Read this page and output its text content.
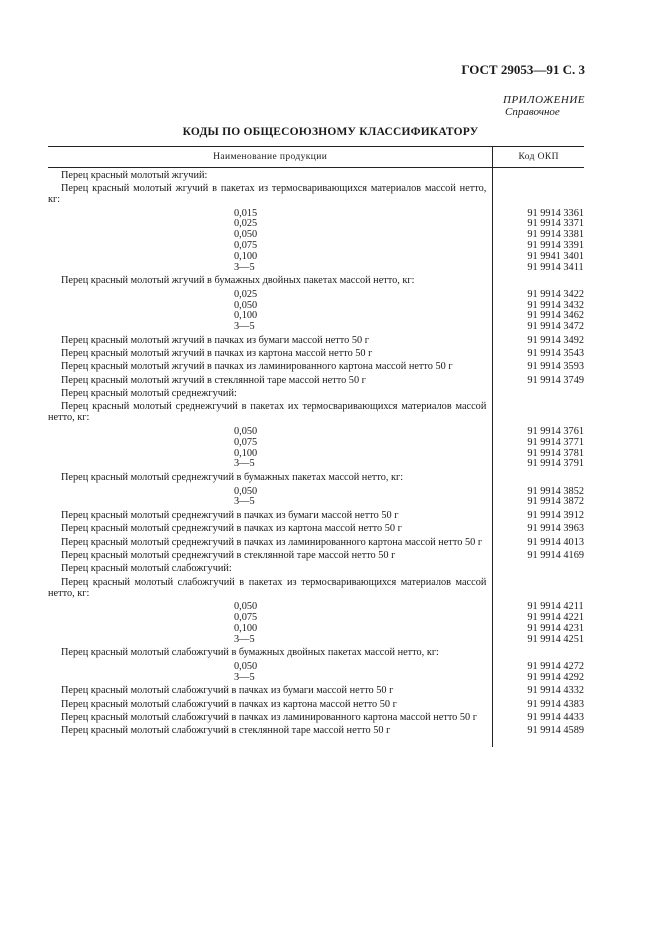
ГОСТ 29053—91 С. 3
ПРИЛОЖЕНИЕ
Справочное
КОДЫ ПО ОБЩЕСОЮЗНОМУ КЛАССИФИКАТОРУ
Наименование продукции	Код ОКП
Перец красный молотый жгучий:	
Перец красный молотый жгучий в пакетах из термосваривающихся материалов массой нетто, кг:	
0,015	91 9914 3361
0,025	91 9914 3371
0,050	91 9914 3381
0,075	91 9914 3391
0,100	91 9941 3401
3—5	91 9914 3411
Перец красный молотый жгучий в бумажных двойных пакетах массой нетто, кг:	
0,025	91 9914 3422
0,050	91 9914 3432
0,100	91 9914 3462
3—5	91 9914 3472
Перец красный молотый жгучий в пачках из бумаги массой нетто 50 г	91 9914 3492
Перец красный молотый жгучий в пачках из картона массой нетто 50 г	91 9914 3543
Перец красный молотый жгучий в пачках из ламинированного картона массой нетто 50 г	91 9914 3593
Перец красный молотый жгучий в стеклянной таре массой нетто 50 г	91 9914 3749
Перец красный молотый среднежгучий:	
Перец красный молотый среднежгучий в пакетах их термосваривающихся материалов массой нетто, кг:	
0,050	91 9914 3761
0,075	91 9914 3771
0,100	91 9914 3781
3—5	91 9914 3791
Перец красный молотый среднежгучий в бумажных пакетах массой нетто, кг:	
0,050	91 9914 3852
3—5	91 9914 3872
Перец красный молотый среднежгучий в пачках из бумаги массой нетто 50 г	91 9914 3912
Перец красный молотый среднежгучий в пачках из картона массой нетто 50 г	91 9914 3963
Перец красный молотый среднежгучий в пачках из ламинированного картона массой нетто 50 г	91 9914 4013
Перец красный молотый среднежгучий в стеклянной таре массой нетто 50 г	91 9914 4169
Перец красный молотый слабожгучий:	
Перец красный молотый слабожгучий в пакетах из термосваривающихся материалов массой нетто, кг:	
0,050	91 9914 4211
0,075	91 9914 4221
0,100	91 9914 4231
3—5	91 9914 4251
Перец красный молотый слабожгучий в бумажных двойных пакетах массой нетто, кг:	
0,050	91 9914 4272
3—5	91 9914 4292
Перец красный молотый слабожгучий в пачках из бумаги массой нетто 50 г	91 9914 4332
Перец красный молотый слабожгучий в пачках из картона массой нетто 50 г	91 9914 4383
Перец красный молотый слабожгучий в пачках из ламинированного картона массой нетто 50 г	91 9914 4433
Перец красный молотый слабожгучий в стеклянной таре массой нетто 50 г	91 9914 4589
